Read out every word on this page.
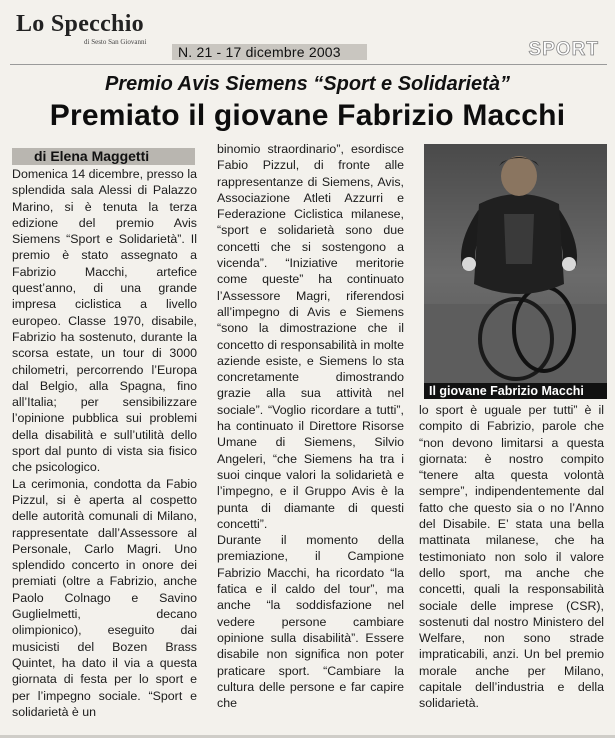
Lo Specchio
di Sesto San Giovanni
N. 21 - 17 dicembre 2003	SPORT
Premio Avis Siemens “Sport e Solidarietà”
Premiato il giovane Fabrizio Macchi
di Elena Maggetti
Domenica 14 dicembre, presso la splendida sala Alessi di Palazzo Marino, si è tenuta la terza edizione del premio Avis Siemens “Sport e Solidarietà”. Il premio è stato assegnato a Fabrizio Macchi, artefice quest’anno, di una grande impresa ciclistica a livello europeo. Classe 1970, disabile, Fabrizio ha sostenuto, durante la scorsa estate, un tour di 3000 chilometri, percorrendo l’Europa dal Belgio, alla Spagna, fino all’Italia; per sensibilizzare l’opinione pubblica sui problemi della disabilità e sull’utilità dello sport dal punto di vista sia fisico che psicologico.
La cerimonia, condotta da Fabio Pizzul, si è aperta al cospetto delle autorità comunali di Milano, rappresentate dall’Assessore al Personale, Carlo Magri. Uno splendido concerto in onore dei premiati (oltre a Fabrizio, anche Paolo Colnago e Savino Guglielmetti, decano olimpionico), eseguito dai musicisti del Bozen Brass Quintet, ha dato il via a questa giornata di festa per lo sport e per l’impegno sociale. “Sport e solidarietà è un
binomio straordinario”, esordisce Fabio Pizzul, di fronte alle rappresentanze di Siemens, Avis, Associazione Atleti Azzurri e Federazione Ciclistica milanese, “sport e solidarietà sono due concetti che si sostengono a vicenda”. “Iniziative meritorie come queste” ha continuato l’Assessore Magri, riferendosi all’impegno di Avis e Siemens “sono la dimostrazione che il concetto di responsabilità in molte aziende esiste, e Siemens lo sta concretamente dimostrando grazie alla sua attività nel sociale”. “Voglio ricordare a tutti”, ha continuato il Direttore Risorse Umane di Siemens, Silvio Angeleri, “che Siemens ha tra i suoi cinque valori la solidarietà e l’impegno, e il Gruppo Avis è la punta di diamante di questi concetti”.
Durante il momento della premiazione, il Campione Fabrizio Macchi, ha ricordato “la fatica e il caldo del tour”, ma anche “la soddisfazione nel vedere persone cambiare opinione sulla disabilità”. Essere disabile non significa non poter praticare sport. “Cambiare la cultura delle persone e far capire che
Il giovane Fabrizio Macchi
lo sport è uguale per tutti” è il compito di Fabrizio, parole che “non devono limitarsi a questa giornata: è nostro compito “tenere alta questa volontà sempre”, indipendentemente dal fatto che questo sia o no l’Anno del Disabile. E’ stata una bella mattinata milanese, che ha testimoniato non solo il valore dello sport, ma anche che concetti, quali la responsabilità sociale delle imprese (CSR), sostenuti dal nostro Ministero del Welfare, non sono strade impraticabili, anzi. Un bel premio morale anche per Milano, capitale dell’industria e della solidarietà.
